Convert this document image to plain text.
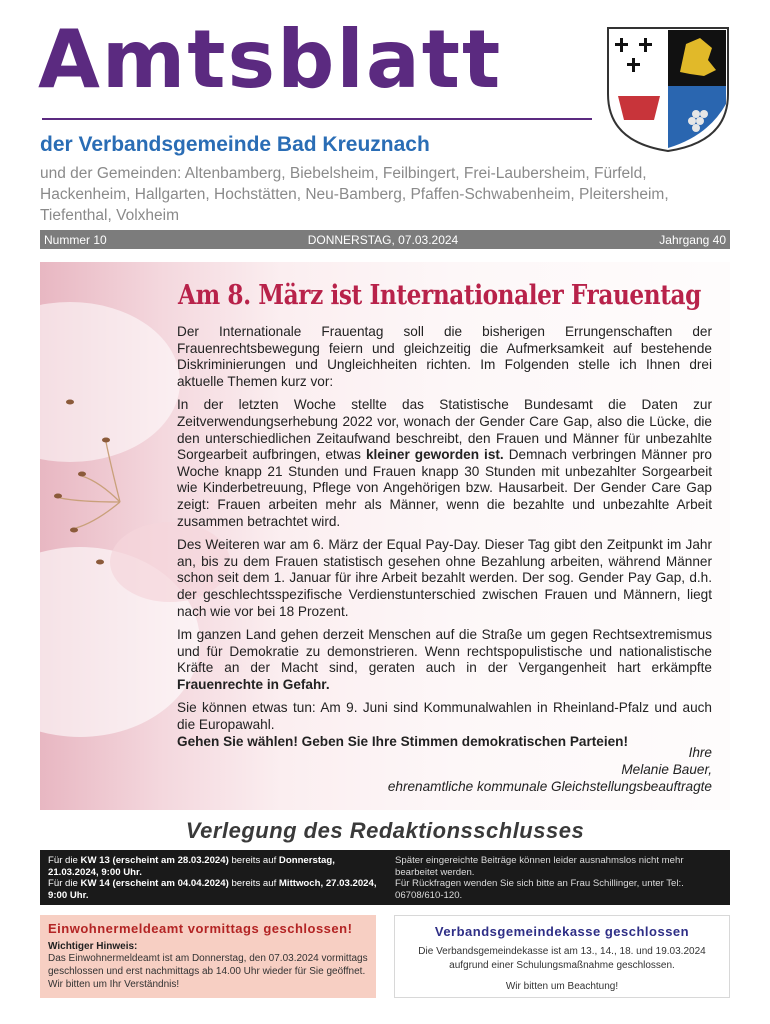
Amtsblatt
der Verbandsgemeinde Bad Kreuznach
und der Gemeinden: Altenbamberg, Biebelsheim, Feilbingert, Frei-Laubersheim, Fürfeld, Hackenheim, Hallgarten, Hochstätten, Neu-Bamberg, Pfaffen-Schwabenheim, Pleitersheim, Tiefenthal, Volxheim
Nummer 10	DONNERSTAG, 07.03.2024	Jahrgang 40
Am 8. März ist Internationaler Frauentag

Der Internationale Frauentag soll die bisherigen Errungenschaften der Frauenrechtsbewegung feiern und gleichzeitig die Aufmerksamkeit auf bestehende Diskriminierungen und Ungleichheiten richten. Im Folgenden stelle ich Ihnen drei aktuelle Themen kurz vor:

In der letzten Woche stellte das Statistische Bundesamt die Daten zur Zeitverwendungserhebung 2022 vor, wonach der Gender Care Gap, also die Lücke, die den unterschiedlichen Zeitaufwand beschreibt, den Frauen und Männer für unbezahlte Sorgearbeit aufbringen, etwas kleiner geworden ist. Demnach verbringen Männer pro Woche knapp 21 Stunden und Frauen knapp 30 Stunden mit unbezahlter Sorgearbeit wie Kinderbetreuung, Pflege von Angehörigen bzw. Hausarbeit. Der Gender Care Gap zeigt: Frauen arbeiten mehr als Männer, wenn die bezahlte und unbezahlte Arbeit zusammen betrachtet wird.

Des Weiteren war am 6. März der Equal Pay-Day. Dieser Tag gibt den Zeitpunkt im Jahr an, bis zu dem Frauen statistisch gesehen ohne Bezahlung arbeiten, während Männer schon seit dem 1. Januar für ihre Arbeit bezahlt werden. Der sog. Gender Pay Gap, d.h. der geschlechtsspezifische Verdienstunterschied zwischen Frauen und Männern, liegt nach wie vor bei 18 Prozent.

Im ganzen Land gehen derzeit Menschen auf die Straße um gegen Rechtsextremismus und für Demokratie zu demonstrieren. Wenn rechtspopulistische und nationalistische Kräfte an der Macht sind, geraten auch in der Vergangenheit hart erkämpfte Frauenrechte in Gefahr.

Sie können etwas tun: Am 9. Juni sind Kommunalwahlen in Rheinland-Pfalz und auch die Europawahl.
Gehen Sie wählen! Geben Sie Ihre Stimmen demokratischen Parteien!

Ihre
Melanie Bauer,
ehrenamtliche kommunale Gleichstellungsbeauftragte
Verlegung des Redaktionsschlusses
Für die KW 13 (erscheint am 28.03.2024) bereits auf Donnerstag, 21.03.2024, 9:00 Uhr.
Für die KW 14 (erscheint am 04.04.2024) bereits auf Mittwoch, 27.03.2024, 9:00 Uhr.
Später eingereichte Beiträge können leider ausnahmslos nicht mehr bearbeitet werden.
Für Rückfragen wenden Sie sich bitte an Frau Schillinger, unter Tel:. 06708/610-120.
Einwohnermeldeamt vormittags geschlossen!
Wichtiger Hinweis:
Das Einwohnermeldeamt ist am Donnerstag, den 07.03.2024 vormittags geschlossen und erst nachmittags ab 14.00 Uhr wieder für Sie geöffnet. Wir bitten um Ihr Verständnis!
Verbandsgemeindekasse geschlossen
Die Verbandsgemeindekasse ist am 13., 14., 18. und 19.03.2024 aufgrund einer Schulungsmaßnahme geschlossen.
Wir bitten um Beachtung!
